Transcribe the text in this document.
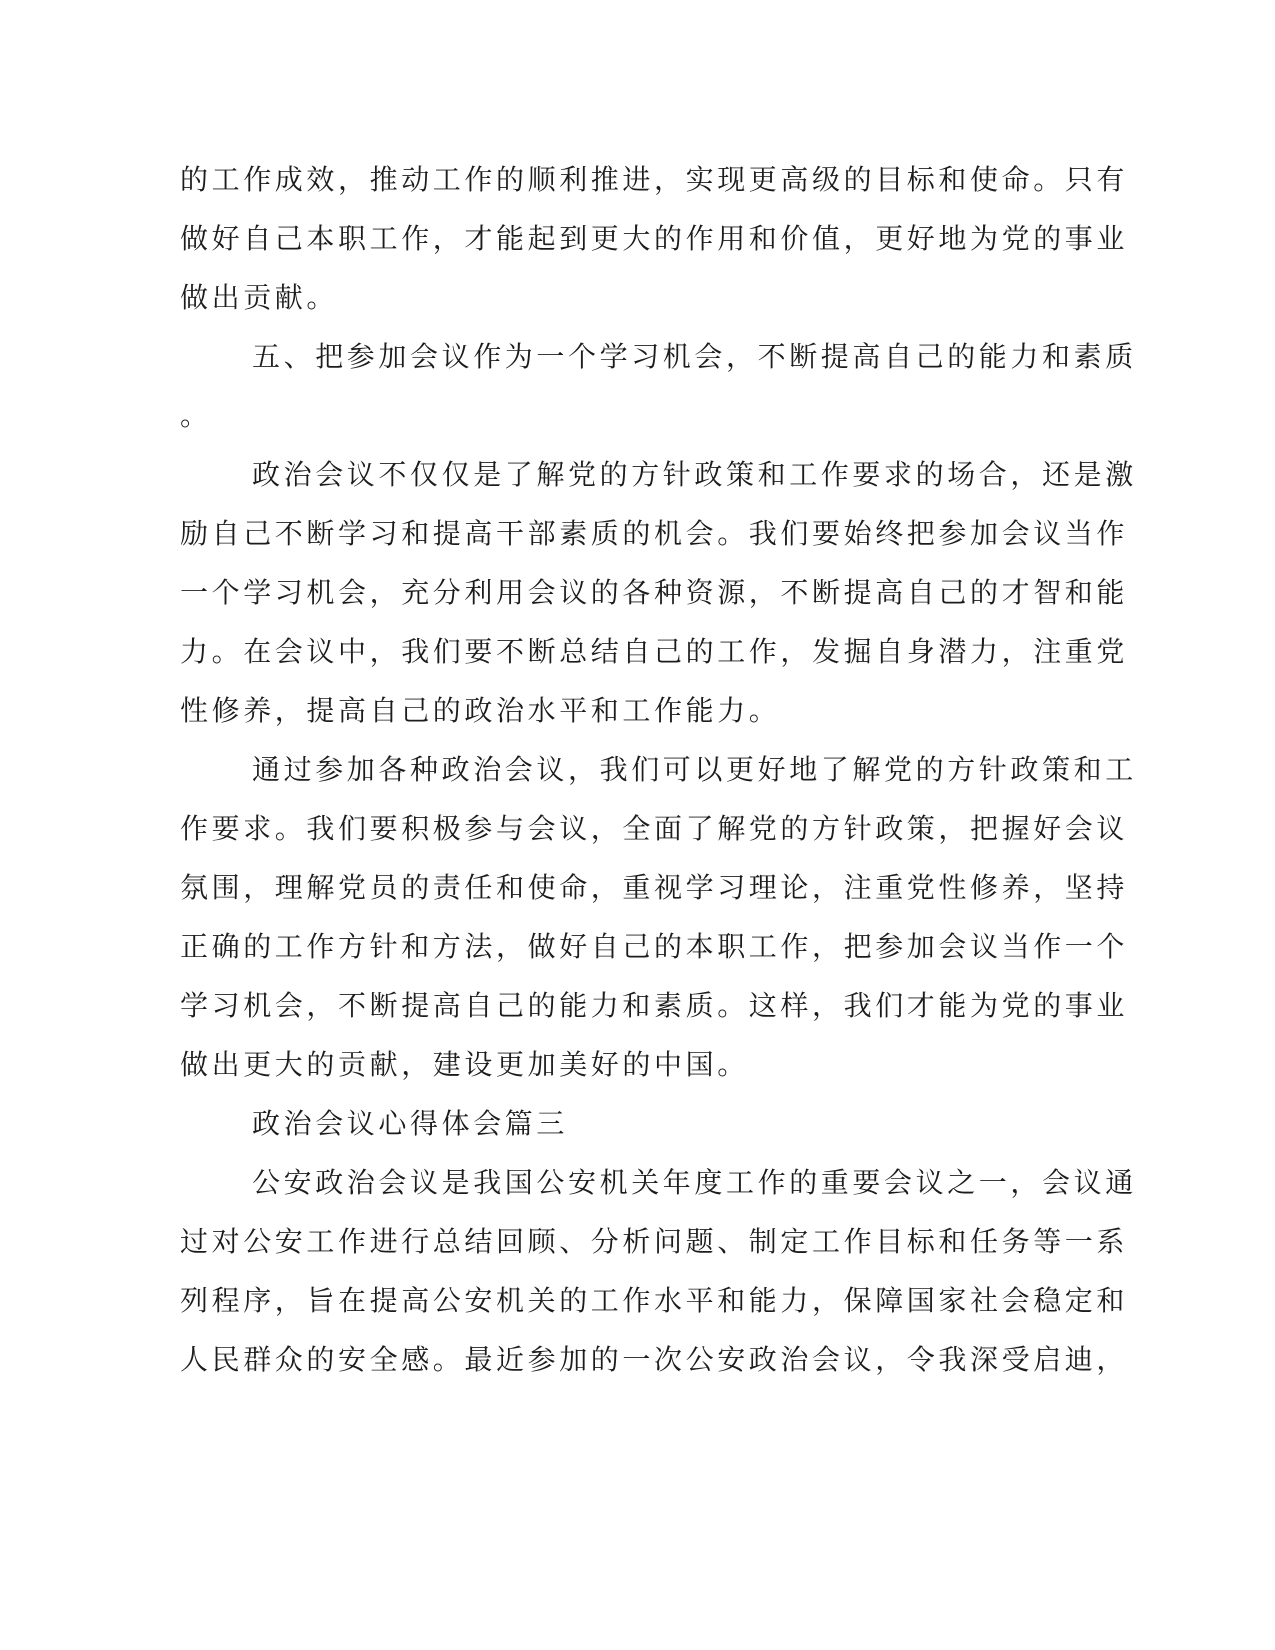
的工作成效，推动工作的顺利推进，实现更高级的目标和使命。只有
做好自己本职工作，才能起到更大的作用和价值，更好地为党的事业
做出贡献。
五、把参加会议作为一个学习机会，不断提高自己的能力和素质
。
政治会议不仅仅是了解党的方针政策和工作要求的场合，还是激
励自己不断学习和提高干部素质的机会。我们要始终把参加会议当作
一个学习机会，充分利用会议的各种资源，不断提高自己的才智和能
力。在会议中，我们要不断总结自己的工作，发掘自身潜力，注重党
性修养，提高自己的政治水平和工作能力。
通过参加各种政治会议，我们可以更好地了解党的方针政策和工
作要求。我们要积极参与会议，全面了解党的方针政策，把握好会议
氛围，理解党员的责任和使命，重视学习理论，注重党性修养，坚持
正确的工作方针和方法，做好自己的本职工作，把参加会议当作一个
学习机会，不断提高自己的能力和素质。这样，我们才能为党的事业
做出更大的贡献，建设更加美好的中国。
政治会议心得体会篇三
公安政治会议是我国公安机关年度工作的重要会议之一，会议通
过对公安工作进行总结回顾、分析问题、制定工作目标和任务等一系
列程序，旨在提高公安机关的工作水平和能力，保障国家社会稳定和
人民群众的安全感。最近参加的一次公安政治会议，令我深受启迪，
